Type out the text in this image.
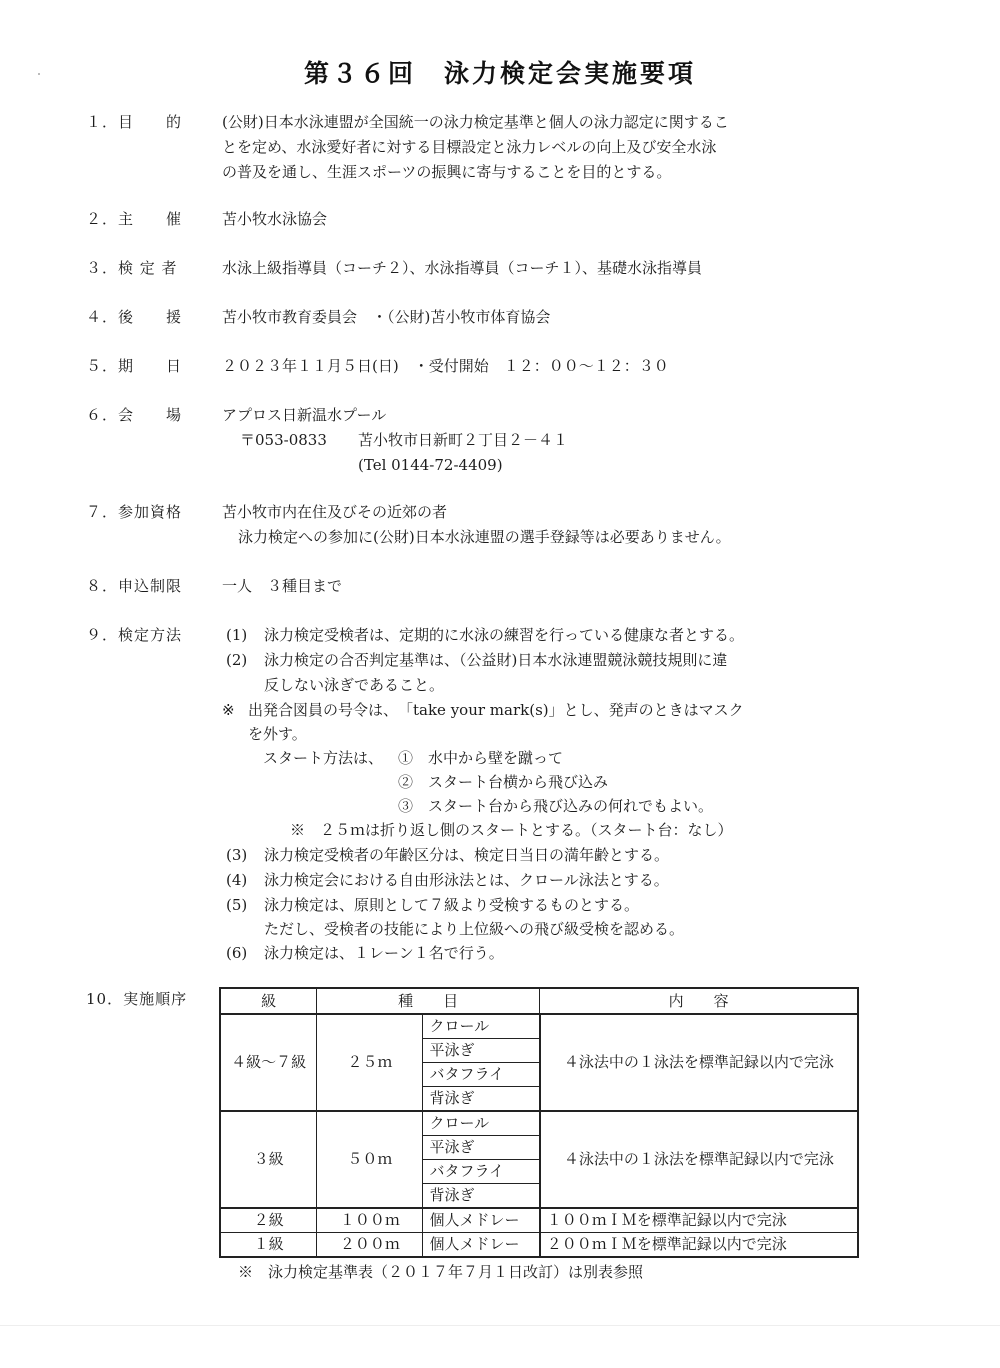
第３６回　泳力検定会実施要項
１．目　　的	(公財)日本水泳連盟が全国統一の泳力検定基準と個人の泳力認定に関するこ
とを定め、水泳愛好者に対する目標設定と泳力レベルの向上及び安全水泳
の普及を通し、生涯スポーツの振興に寄与することを目的とする。
２．主　　催	苫小牧水泳協会
３．検 定 者	水泳上級指導員（コーチ２）、水泳指導員（コーチ１）、基礎水泳指導員
４．後　　援	苫小牧市教育委員会　・（公財)苫小牧市体育協会
５．期　　日	２０２３年１１月５日(日)　・受付開始　１２：００～１２：３０
６．会　　場	アプロス日新温水プール
〒053-0833 苫小牧市日新町２丁目２－４１
(Tel 0144-72-4409)
７．参加資格	苫小牧市内在住及びその近郊の者
泳力検定への参加に(公財)日本水泳連盟の選手登録等は必要ありません。
８．申込制限	一人　３種目まで
９．検定方法	(1) 泳力検定受検者は、定期的に水泳の練習を行っている健康な者とする。
(2) 泳力検定の合否判定基準は、（公益財)日本水泳連盟競泳競技規則に違
反しない泳ぎであること。
※ 出発合図員の号令は、　「take your mark(s)」とし、発声のときはマスク
を外す。
スタート方法は、 ①　水中から壁を蹴って
②　スタート台横から飛び込み
③　スタート台から飛び込みの何れでもよい。
※　２５ｍは折り返し側のスタートとする。（スタート台：なし）
(3) 泳力検定受検者の年齢区分は、検定日当日の満年齢とする。
(4) 泳力検定会における自由形泳法とは、クロール泳法とする。
(5) 泳力検定は、原則として７級より受検するものとする。
ただし、受検者の技能により上位級への飛び級受検を認める。
(6) 泳力検定は、１レーン１名で行う。
10．実施順序	級	種　　目		内　　容
４級～７級	２５ｍ	クロール	４泳法中の１泳法を標準記録以内で完泳
		平泳ぎ	
		バタフライ	
		背泳ぎ	
３級	５０ｍ	クロール	４泳法中の１泳法を標準記録以内で完泳
		平泳ぎ	
		バタフライ	
		背泳ぎ	
２級	１００ｍ	個人メドレー	１００ｍＩＭを標準記録以内で完泳
１級	２００ｍ	個人メドレー	２００ｍＩＭを標準記録以内で完泳
※　泳力検定基準表（２０１７年７月１日改訂）は別表参照
